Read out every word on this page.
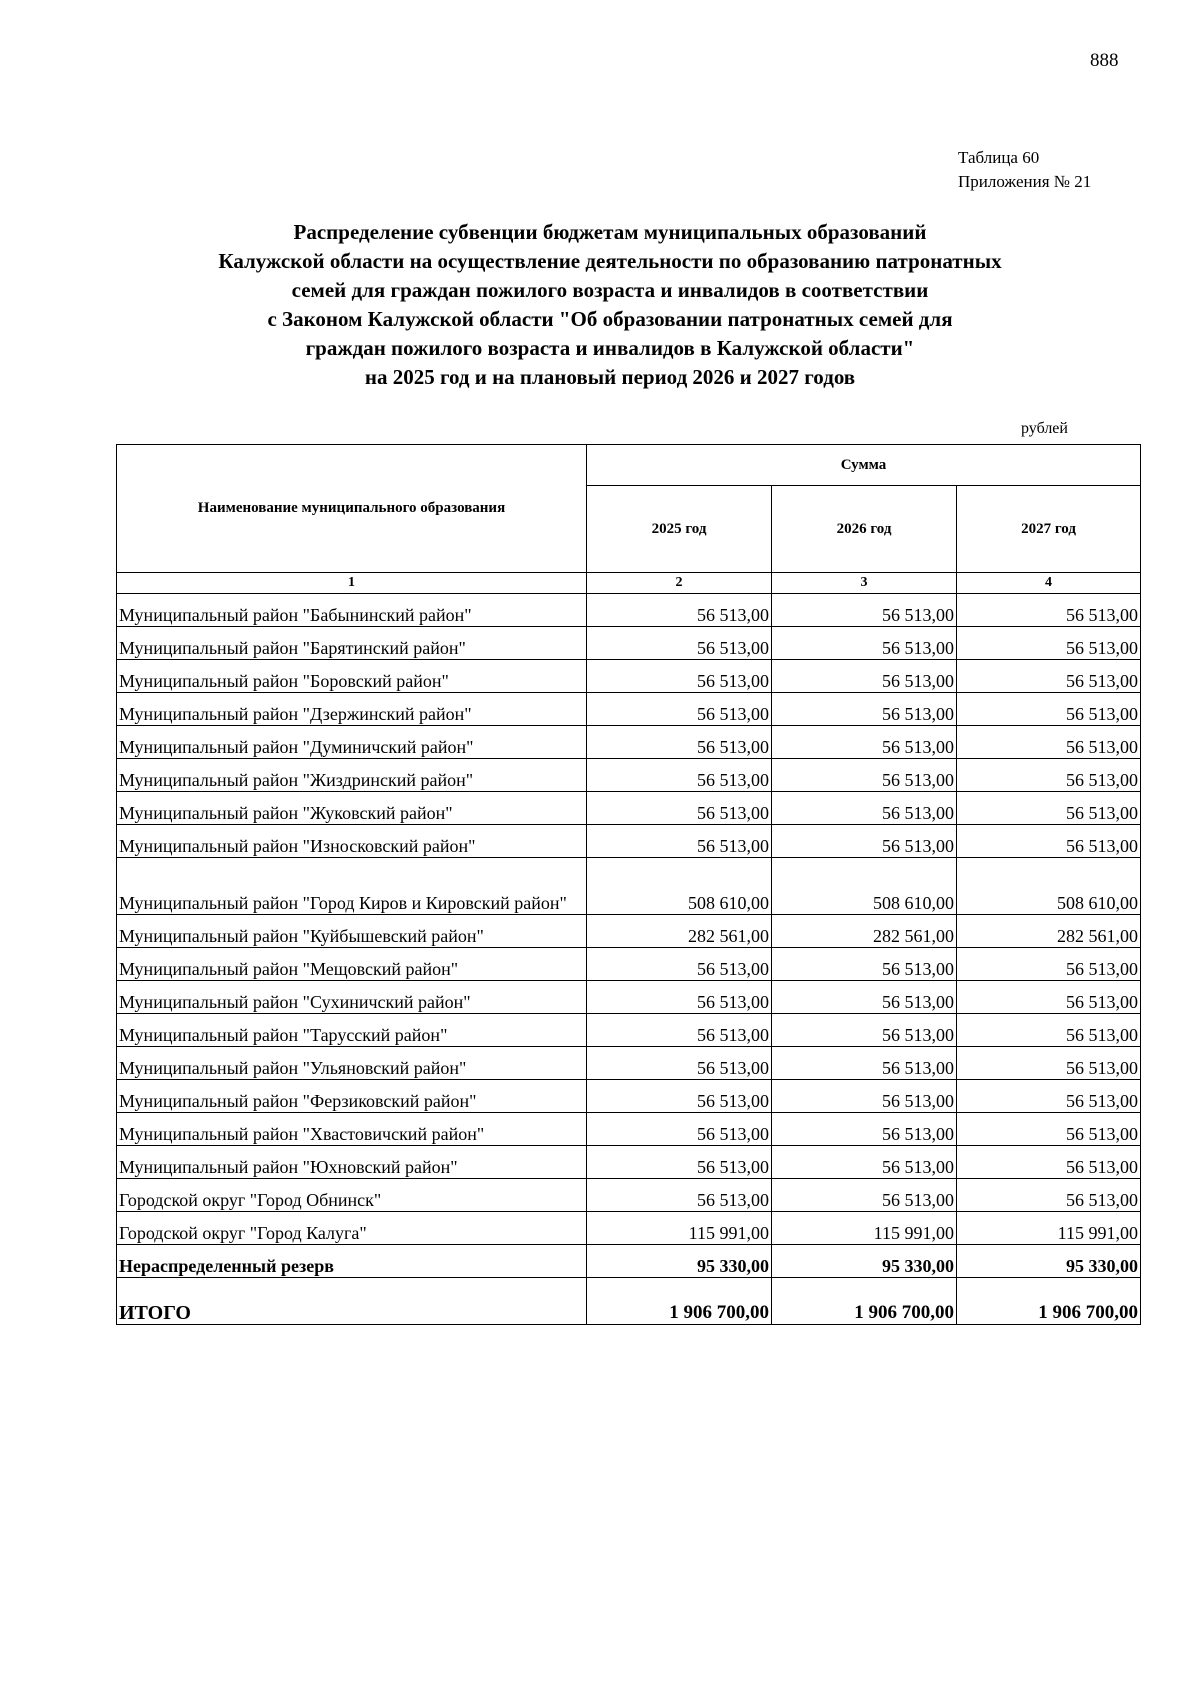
888
Таблица 60
Приложения № 21
Распределение субвенции бюджетам муниципальных образований
Калужской области на осуществление деятельности по образованию патронатных
семей для граждан пожилого возраста и инвалидов в соответствии
с Законом Калужской области "Об образовании патронатных семей для
граждан пожилого возраста и инвалидов в Калужской области"
на 2025 год и на плановый период 2026 и 2027 годов
рублей
Наименование муниципального образования	Сумма		
	2025 год	2026 год	2027 год
1	2	3	4
Муниципальный район "Бабынинский район"	56 513,00	56 513,00	56 513,00
Муниципальный район "Барятинский район"	56 513,00	56 513,00	56 513,00
Муниципальный район "Боровский район"	56 513,00	56 513,00	56 513,00
Муниципальный район "Дзержинский район"	56 513,00	56 513,00	56 513,00
Муниципальный район "Думиничский район"	56 513,00	56 513,00	56 513,00
Муниципальный район "Жиздринский район"	56 513,00	56 513,00	56 513,00
Муниципальный район "Жуковский район"	56 513,00	56 513,00	56 513,00
Муниципальный район "Износковский район"	56 513,00	56 513,00	56 513,00
Муниципальный район "Город Киров и Кировский район"	508 610,00	508 610,00	508 610,00
Муниципальный район "Куйбышевский район"	282 561,00	282 561,00	282 561,00
Муниципальный район "Мещовский район"	56 513,00	56 513,00	56 513,00
Муниципальный район "Сухиничский район"	56 513,00	56 513,00	56 513,00
Муниципальный район "Тарусский район"	56 513,00	56 513,00	56 513,00
Муниципальный район "Ульяновский район"	56 513,00	56 513,00	56 513,00
Муниципальный район "Ферзиковский район"	56 513,00	56 513,00	56 513,00
Муниципальный район "Хвастовичский район"	56 513,00	56 513,00	56 513,00
Муниципальный район "Юхновский район"	56 513,00	56 513,00	56 513,00
Городской округ "Город Обнинск"	56 513,00	56 513,00	56 513,00
Городской округ "Город Калуга"	115 991,00	115 991,00	115 991,00
Нераспределенный резерв	95 330,00	95 330,00	95 330,00
ИТОГО	1 906 700,00	1 906 700,00	1 906 700,00
